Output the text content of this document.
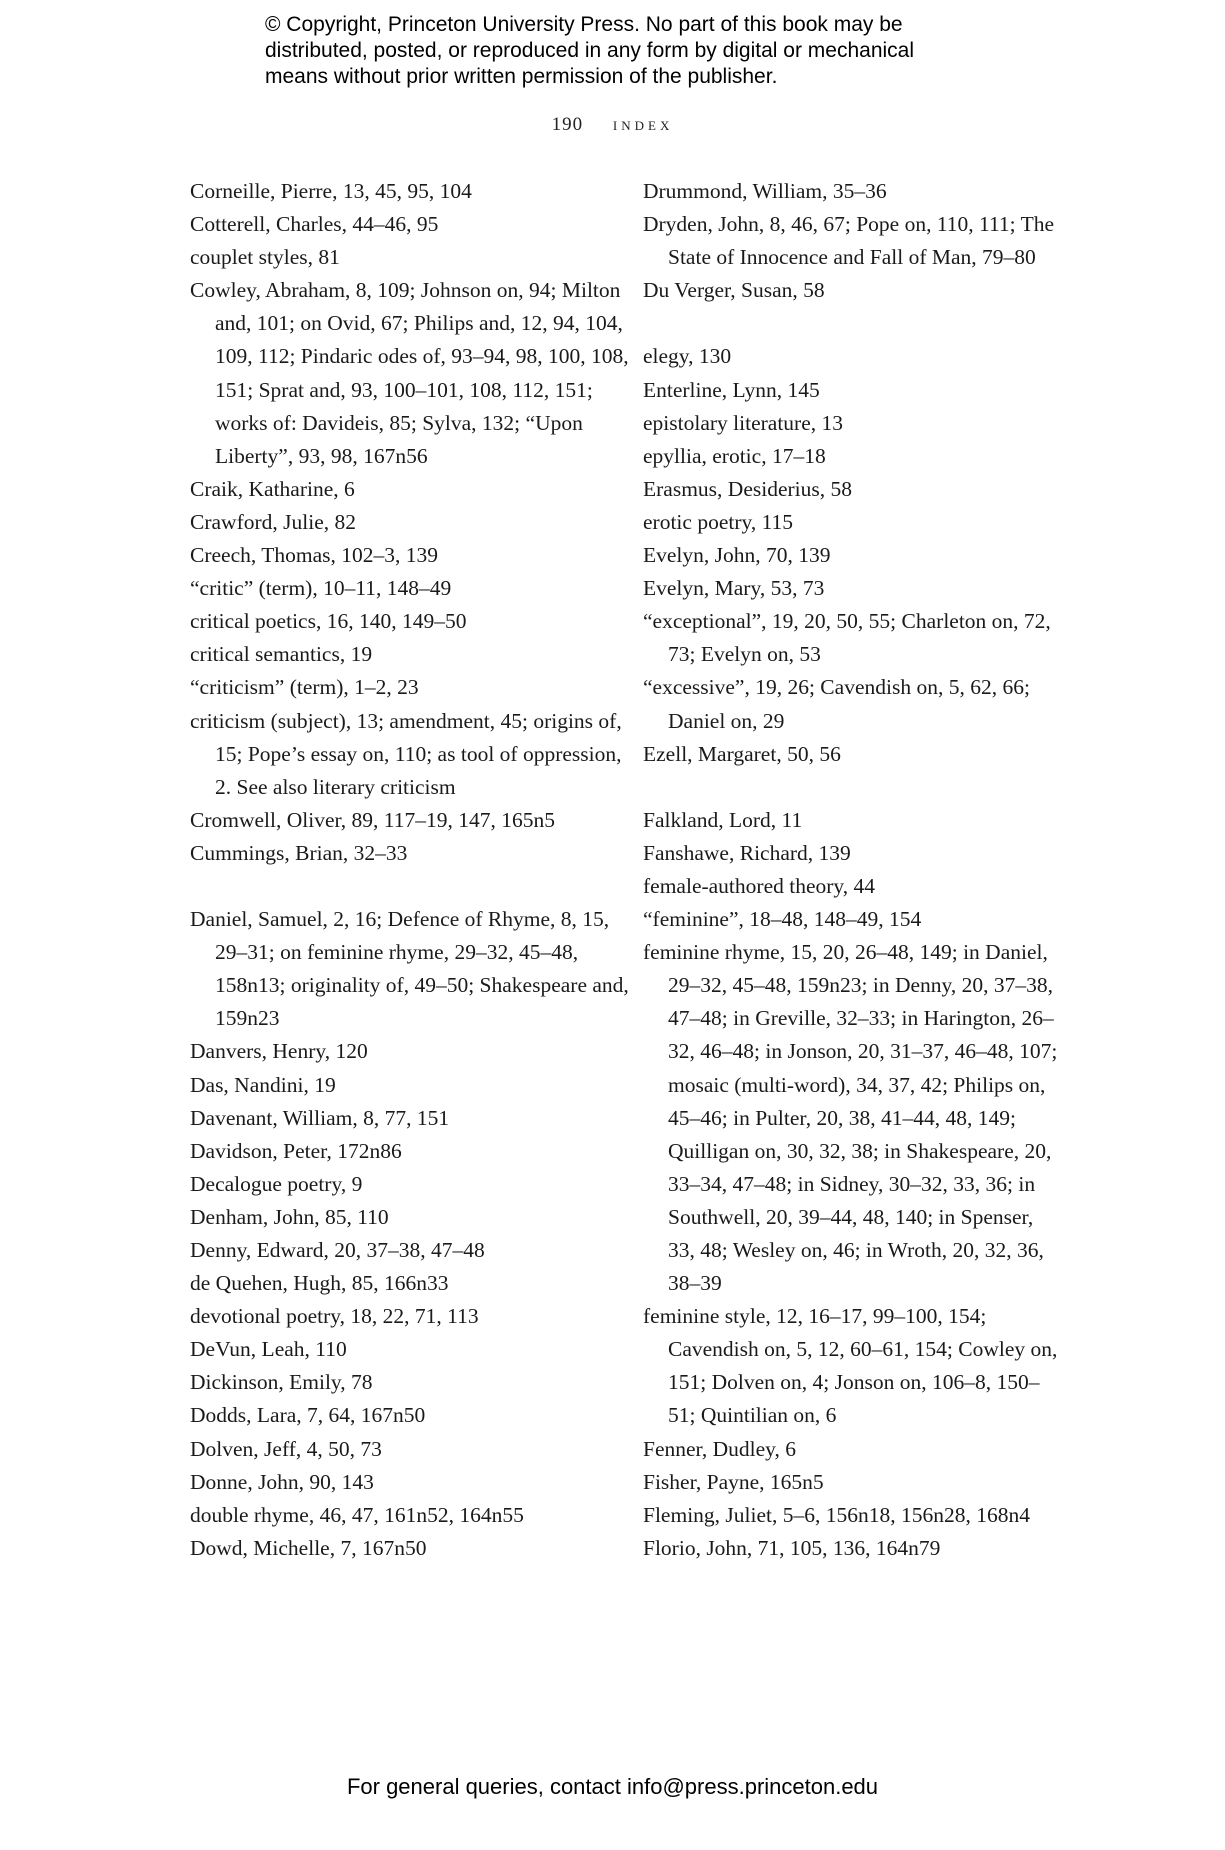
© Copyright, Princeton University Press. No part of this book may be
distributed, posted, or reproduced in any form by digital or mechanical
means without prior written permission of the publisher.
190 index
Corneille, Pierre, 13, 45, 95, 104
Cotterell, Charles, 44–46, 95
couplet styles, 81
Cowley, Abraham, 8, 109; Johnson on, 94; Milton and, 101; on Ovid, 67; Philips and, 12, 94, 104, 109, 112; Pindaric odes of, 93–94, 98, 100, 108, 151; Sprat and, 93, 100–101, 108, 112, 151; works of: Davideis, 85; Sylva, 132; “Upon Liberty”, 93, 98, 167n56
Craik, Katharine, 6
Crawford, Julie, 82
Creech, Thomas, 102–3, 139
“critic” (term), 10–11, 148–49
critical poetics, 16, 140, 149–50
critical semantics, 19
“criticism” (term), 1–2, 23
criticism (subject), 13; amendment, 45; origins of, 15; Pope’s essay on, 110; as tool of oppression, 2. See also literary criticism
Cromwell, Oliver, 89, 117–19, 147, 165n5
Cummings, Brian, 32–33
Daniel, Samuel, 2, 16; Defence of Rhyme, 8, 15, 29–31; on feminine rhyme, 29–32, 45–48, 158n13; originality of, 49–50; Shakespeare and, 159n23
Danvers, Henry, 120
Das, Nandini, 19
Davenant, William, 8, 77, 151
Davidson, Peter, 172n86
Decalogue poetry, 9
Denham, John, 85, 110
Denny, Edward, 20, 37–38, 47–48
de Quehen, Hugh, 85, 166n33
devotional poetry, 18, 22, 71, 113
DeVun, Leah, 110
Dickinson, Emily, 78
Dodds, Lara, 7, 64, 167n50
Dolven, Jeff, 4, 50, 73
Donne, John, 90, 143
double rhyme, 46, 47, 161n52, 164n55
Dowd, Michelle, 7, 167n50
Drummond, William, 35–36
Dryden, John, 8, 46, 67; Pope on, 110, 111; The State of Innocence and Fall of Man, 79–80
Du Verger, Susan, 58
elegy, 130
Enterline, Lynn, 145
epistolary literature, 13
epyllia, erotic, 17–18
Erasmus, Desiderius, 58
erotic poetry, 115
Evelyn, John, 70, 139
Evelyn, Mary, 53, 73
“exceptional”, 19, 20, 50, 55; Charleton on, 72, 73; Evelyn on, 53
“excessive”, 19, 26; Cavendish on, 5, 62, 66; Daniel on, 29
Ezell, Margaret, 50, 56
Falkland, Lord, 11
Fanshawe, Richard, 139
female-authored theory, 44
“feminine”, 18–48, 148–49, 154
feminine rhyme, 15, 20, 26–48, 149; in Daniel, 29–32, 45–48, 159n23; in Denny, 20, 37–38, 47–48; in Greville, 32–33; in Harington, 26–32, 46–48; in Jonson, 20, 31–37, 46–48, 107; mosaic (multi-word), 34, 37, 42; Philips on, 45–46; in Pulter, 20, 38, 41–44, 48, 149; Quilligan on, 30, 32, 38; in Shakespeare, 20, 33–34, 47–48; in Sidney, 30–32, 33, 36; in Southwell, 20, 39–44, 48, 140; in Spenser, 33, 48; Wesley on, 46; in Wroth, 20, 32, 36, 38–39
feminine style, 12, 16–17, 99–100, 154; Cavendish on, 5, 12, 60–61, 154; Cowley on, 151; Dolven on, 4; Jonson on, 106–8, 150–51; Quintilian on, 6
Fenner, Dudley, 6
Fisher, Payne, 165n5
Fleming, Juliet, 5–6, 156n18, 156n28, 168n4
Florio, John, 71, 105, 136, 164n79
For general queries, contact info@press.princeton.edu
